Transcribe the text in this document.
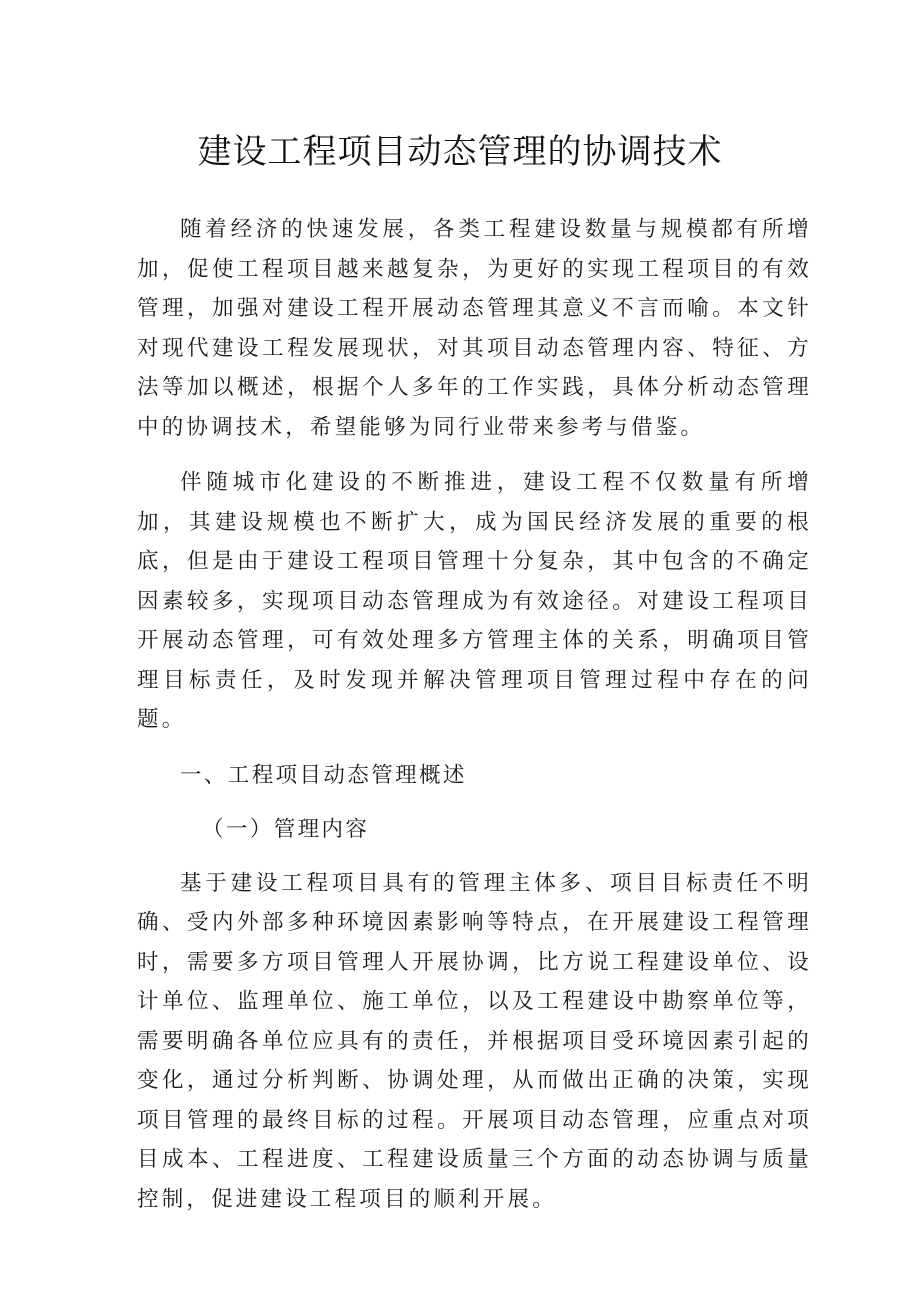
建设工程项目动态管理的协调技术

随着经济的快速发展，各类工程建设数量与规模都有所增加，促使工程项目越来越复杂，为更好的实现工程项目的有效管理，加强对建设工程开展动态管理其意义不言而喻。本文针对现代建设工程发展现状，对其项目动态管理内容、特征、方法等加以概述，根据个人多年的工作实践，具体分析动态管理中的协调技术，希望能够为同行业带来参考与借鉴。

伴随城市化建设的不断推进，建设工程不仅数量有所增加，其建设规模也不断扩大，成为国民经济发展的重要的根底，但是由于建设工程项目管理十分复杂，其中包含的不确定因素较多，实现项目动态管理成为有效途径。对建设工程项目开展动态管理，可有效处理多方管理主体的关系，明确项目管理目标责任，及时发现并解决管理项目管理过程中存在的问题。

一、工程项目动态管理概述
（一）管理内容

基于建设工程项目具有的管理主体多、项目目标责任不明确、受内外部多种环境因素影响等特点，在开展建设工程管理时，需要多方项目管理人开展协调，比方说工程建设单位、设计单位、监理单位、施工单位，以及工程建设中勘察单位等，需要明确各单位应具有的责任，并根据项目受环境因素引起的变化，通过分析判断、协调处理，从而做出正确的决策，实现项目管理的最终目标的过程。开展项目动态管理，应重点对项目成本、工程进度、工程建设质量三个方面的动态协调与质量控制，促进建设工程项目的顺利开展。
